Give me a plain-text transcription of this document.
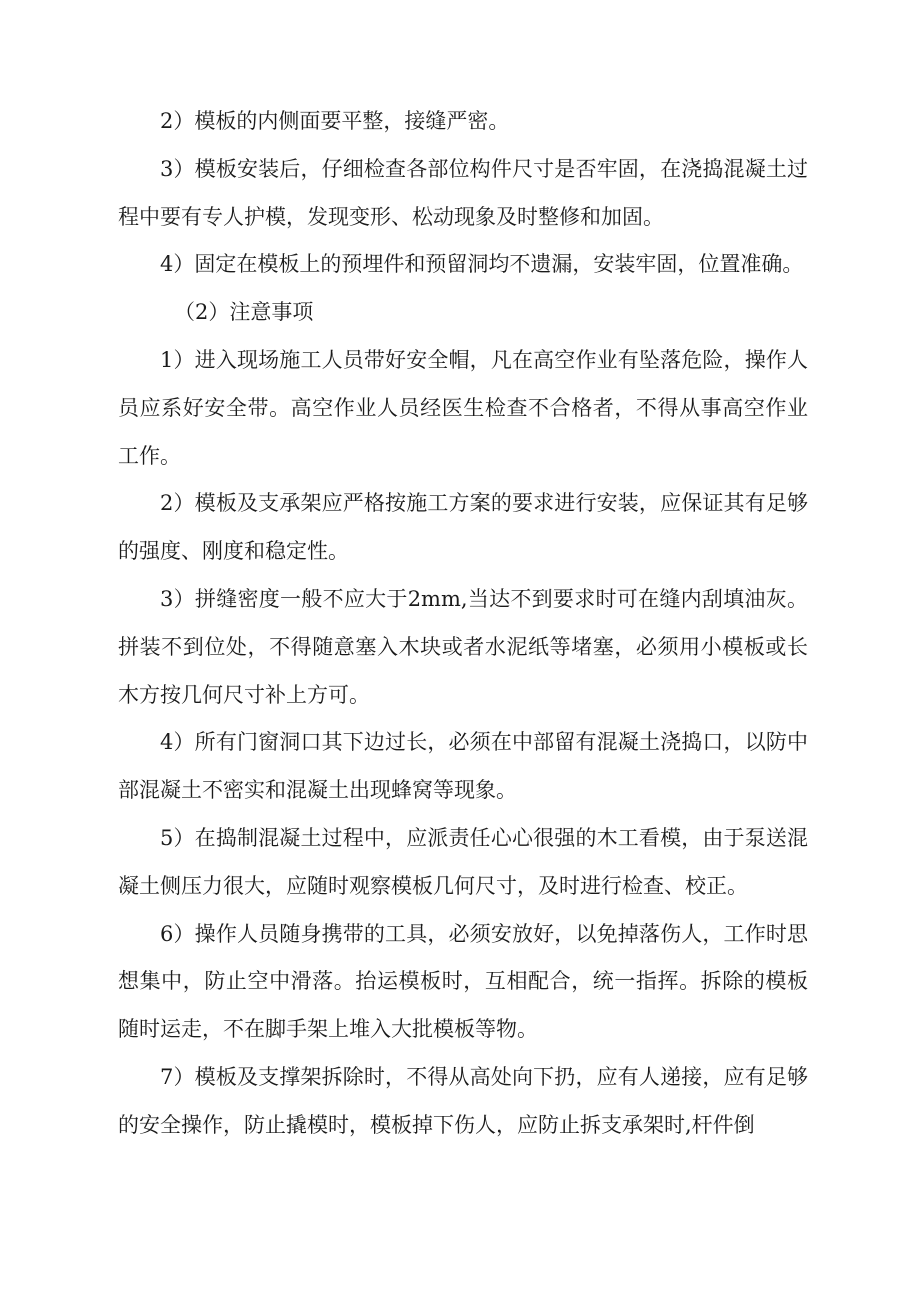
2）模板的内侧面要平整，接缝严密。

3）模板安装后，仔细检查各部位构件尺寸是否牢固，在浇捣混凝土过程中要有专人护模，发现变形、松动现象及时整修和加固。

4）固定在模板上的预埋件和预留洞均不遗漏，安装牢固，位置准确。

（2）注意事项

1）进入现场施工人员带好安全帽，凡在高空作业有坠落危险，操作人员应系好安全带。高空作业人员经医生检查不合格者，不得从事高空作业工作。

2）模板及支承架应严格按施工方案的要求进行安装，应保证其有足够的强度、刚度和稳定性。

3）拼缝密度一般不应大于2mm,当达不到要求时可在缝内刮填油灰。拼装不到位处，不得随意塞入木块或者水泥纸等堵塞，必须用小模板或长木方按几何尺寸补上方可。

4）所有门窗洞口其下边过长，必须在中部留有混凝土浇捣口，以防中部混凝土不密实和混凝土出现蜂窝等现象。

5）在捣制混凝土过程中，应派责任心心很强的木工看模，由于泵送混凝土侧压力很大，应随时观察模板几何尺寸，及时进行检查、校正。

6）操作人员随身携带的工具，必须安放好，以免掉落伤人，工作时思想集中，防止空中滑落。抬运模板时，互相配合，统一指挥。拆除的模板随时运走，不在脚手架上堆入大批模板等物。

7）模板及支撑架拆除时，不得从高处向下扔，应有人递接，应有足够的安全操作，防止撬模时，模板掉下伤人，应防止拆支承架时,杆件倒
